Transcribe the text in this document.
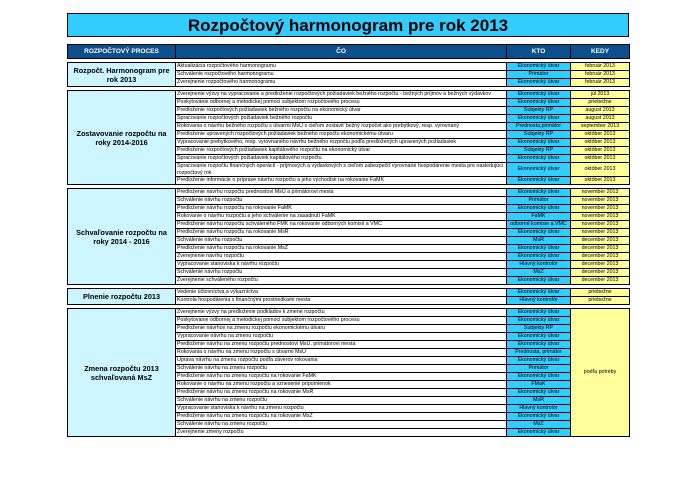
Rozpočtový harmonogram pre rok 2013
ROZPOČTOVÝ PROCES	ČO	KTO	KEDY

Rozpočt. Harmonogram pre rok 2013	Aktualizácia rozpočtového harmonogramu	Ekonomický útvar	február 2013
	Schválenie rozpočtového harmonogramu	Primátor	február 2013
	Zverejnenie rozpočtového harmonogramu	Ekonomický útvar	február 2013

Zostavovanie rozpočtu na roky 2014-2016	Zverejnenie výzvy na vypracovanie a predloženie rozpočtových požiadaviek bežného rozpočtu - bežných príjmov a bežných výdavkov	Ekonomický útvar	júl 2013
	Poskytovanie odbornej a metodickej pomoci subjektom rozpočtového procesu	Ekonomický útvar	priebežne
	Predloženie rozpočtových požiadaviek bežného rozpočtu na ekonomický útvar	Subjekty RP	august 2013
	Spracovanie rozpočtových požiadaviek bežného rozpočtu	Ekonomický útvar	august 2013
	Rokovania o návrhu bežného rozpočtu s útvarmi MsÚ s cieľom zostaviť bežný rozpočet ako prebytkový, resp. vyrovnaný	Prednosta,primátor	september 2013
	Predloženie upravených rozpočtových požiadaviek bežného rozpočtu ekonomickému útvaru	Subjekty RP	október 2013
	Vypracovanie prebytkového, resp. vyrovnaného návrhu bežného rozpočtu podľa predložených upravených požiadaviek	Ekonomický útvar	október 2013
	Predloženie rozpočtových požiadaviek kapitálového rozpočtu na ekonomický útvar	Subjekty RP	október 2013
	Spracovanie rozpočtových požiadaviek kapitálového rozpočtu	Ekonomický útvar	október 2013
	Spracovanie rozpočtu finančných operácií - príjmových a výdavkových s cieľom zabezpečiť vyrovnané hospodárenie mesta pre nasledujúci rozpočtový rok	Ekonomický útvar	október 2013
	Predloženie informácie o príprave návrhu rozpočtu a jeho východísk na rokovanie FaMK	Ekonomický útvar	október 2013

Schvaľovanie rozpočtu na roky 2014 - 2016	Predloženie návrhu rozpočtu prednostovi MsÚ a primátorovi mesta	Ekonomický útvar	november 2013
	Schválenie návrhu rozpočtu	Primátor	november 2013
	Predloženie návrhu rozpočtu na rokovanie FaMK	Ekonomický útvar	november 2013
	Rokovanie o návrhu rozpočtu a jeho schválenie na zasadnutí FaMK	FaMK	november 2013
	Predloženie návrhu rozpočtu schváleného FMK na rokovanie odborných komisií a VMČ	odborné komisie a VMČ	november 2013
	Predloženie návrhu rozpočtu na rokovanie MsR	Ekonomický útvar	november 2013
	Schválenie návrhu rozpočtu	MsR	december 2013
	Predloženie návrhu rozpočtu na rokovanie MsZ	Ekonomický útvar	december 2013
	Zverejnenie návrhu rozpočtu	Ekonomický útvar	december 2013
	Vypracovanie stanoviska k návrhu rozpočtu	Hlavný kontrolór	december 2013
	Schválenie návrhu rozpočtu	MsZ	december 2013
	Zverejnenie schváleného rozpočtu	Ekonomický útvar	december 2013

Plnenie rozpočtu 2013	Vedenie účtovníctva a výkazníctva	Ekonomický útvar	priebežne
	Kontrola hospodárenia s finančnými prostriedkami mesta	Hlavný kontrolór	priebežne

Zmena rozpočtu 2013 schvaľovaná MsZ	Zverejnenie výzvy na predloženie podkladov k zmene rozpočtu	Ekonomický útvar	podľa potreby
	Poskytovanie odbornej a metodickej pomoci subjektom rozpočtového procesu	Ekonomický útvar	
	Predloženie návrhov na zmenu rozpočtu ekonomickému útvaru	Subjekty RP	
	Vypracovanie návrhu na zmenu rozpočtu	Ekonomický útvar	
	Predloženie návrhu na zmenu rozpočtu prednostovi MsÚ, primátorovi mesta	Ekonomický útvar	
	Rokovania o návrhu na zmenu rozpočtu s útvarmi MsÚ	Prednosta, primátor	
	Úprava návrhu na zmenu rozpočtu podľa záverov rokovania	Ekonomický útvar	
	Schválenie návrhu na zmenu rozpočtu	Primátor	
	Predloženie návrhu na zmenu rozpočtu na rokovanie FaMK	Ekonomický útvar	
	Rokovanie o návrhu na zmenu rozpočtu a vznesenie pripomienok	FMaK	
	Predloženie návrhu na zmenu rozpočtu na rokovanie MsR	Ekonomický útvar	
	Schválenie návrhu na zmenu rozpočtu	MsR	
	Vypracovanie stanoviska k návrhu na zmenu rozpočtu	Hlavný kontrolór	
	Predloženie návrhu na zmenu rozpočtu na rokovanie MsZ	Ekonomický útvar	
	Schválenie návrhu na zmenu rozpočtu	MsZ	
	Zverejnenie zmeny rozpočtu	Ekonomický útvar	
